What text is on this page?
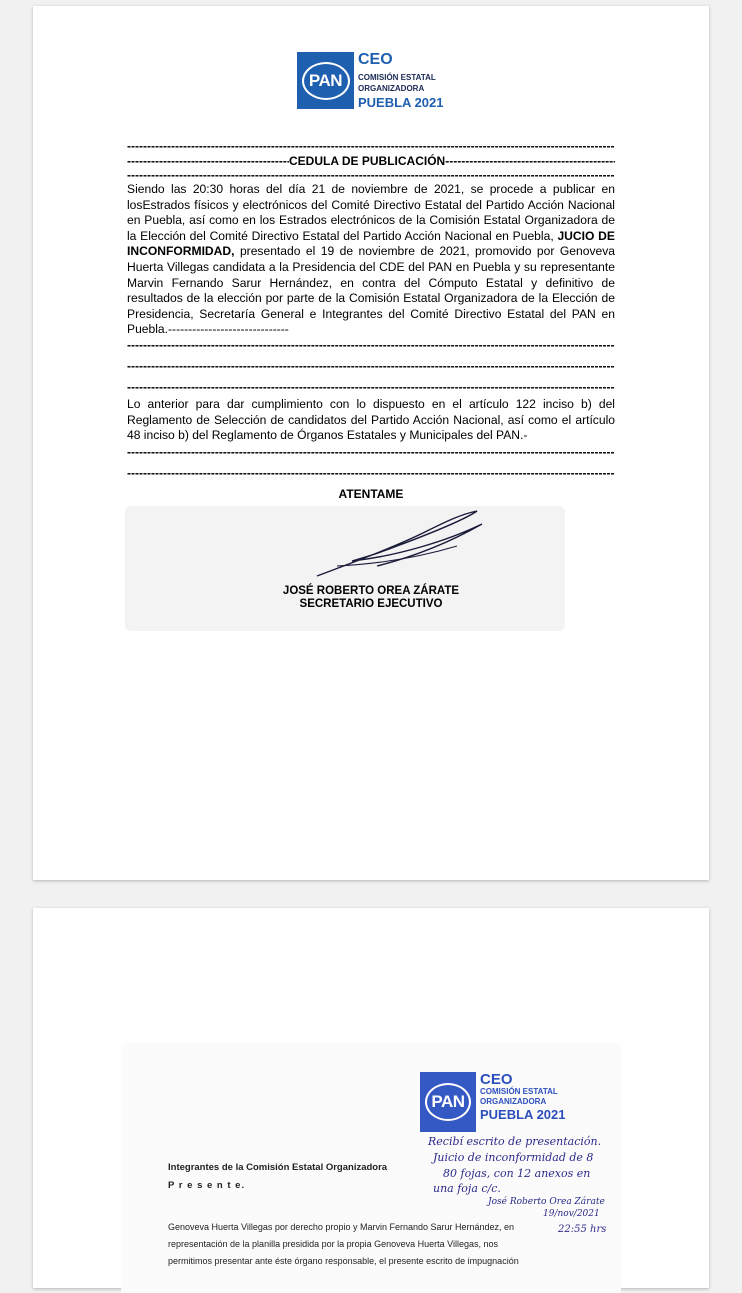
PAN
CEO
COMISIÓN ESTATAL
ORGANIZADORA
PUEBLA 2021
-----
-----
CEDULA DE PUBLICACIÓN
-----
-----

Siendo las 20:30 horas del día 21 de noviembre de 2021, se procede a publicar en losEstrados físicos y electrónicos del Comité Directivo Estatal del Partido Acción Nacional en Puebla, así como en los Estrados electrónicos de la Comisión Estatal Organizadora de la Elección del Comité Directivo Estatal del Partido Acción Nacional en Puebla, JUCIO DE INCONFORMIDAD, presentado el 19 de noviembre de 2021, promovido por Genoveva Huerta Villegas candidata a la Presidencia del CDE del PAN en Puebla y su representante Marvin Fernando Sarur Hernández, en contra del Cómputo Estatal y definitivo de resultados de la elección por parte de la Comisión Estatal Organizadora de la Elección de Presidencia, Secretaría General e Integrantes del Comité Directivo Estatal del PAN en Puebla.------------------------------

-----
-----
-----

Lo anterior para dar cumplimiento con lo dispuesto en el artículo 122 inciso b) del Reglamento de Selección de candidatos del Partido Acción Nacional, así como el artículo 48 inciso b) del Reglamento de Órganos Estatales y Municipales del PAN.-

-----
-----
ATENTAME
JOSÉ ROBERTO OREA ZÁRATE
SECRETARIO EJECUTIVO
PAN
CEO
COMISIÓN ESTATAL
ORGANIZADORA
PUEBLA 2021
Recibí escrito de presentación.
Juicio de inconformidad de 8
80 fojas, con 12 anexos en
una foja c/c.
José Roberto Orea Zárate
19/nov/2021
22:55 hrs
Integrantes de la Comisión Estatal Organizadora
P r e s e n t e.
Genoveva Huerta Villegas por derecho propio y Marvin Fernando Sarur Hernández, en
representación de la planilla presidida por la propia Genoveva Huerta Villegas, nos
permitimos presentar ante éste órgano responsable, el presente escrito de impugnación
